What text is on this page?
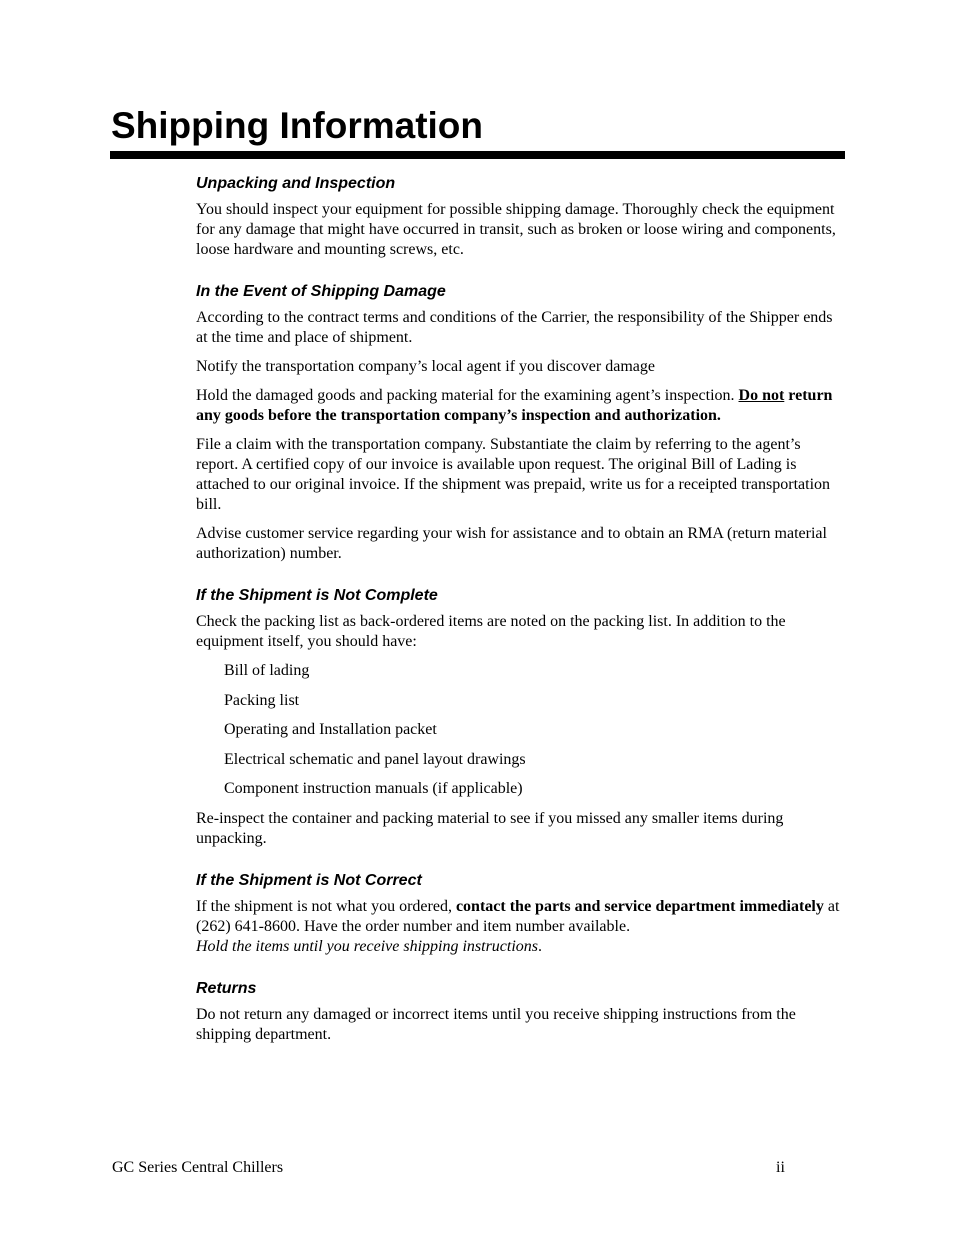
Shipping Information

Unpacking and Inspection

You should inspect your equipment for possible shipping damage. Thoroughly check the equipment for any damage that might have occurred in transit, such as broken or loose wiring and components, loose hardware and mounting screws, etc.

In the Event of Shipping Damage

According to the contract terms and conditions of the Carrier, the responsibility of the Shipper ends at the time and place of shipment.

Notify the transportation company’s local agent if you discover damage

Hold the damaged goods and packing material for the examining agent’s inspection. Do not return any goods before the transportation company’s inspection and authorization.

File a claim with the transportation company. Substantiate the claim by referring to the agent’s report. A certified copy of our invoice is available upon request. The original Bill of Lading is attached to our original invoice. If the shipment was prepaid, write us for a receipted transportation bill.

Advise customer service regarding your wish for assistance and to obtain an RMA (return material authorization) number.

If the Shipment is Not Complete

Check the packing list as back-ordered items are noted on the packing list. In addition to the equipment itself, you should have:

Bill of lading

Packing list

Operating and Installation packet

Electrical schematic and panel layout drawings

Component instruction manuals (if applicable)

Re-inspect the container and packing material to see if you missed any smaller items during unpacking.

If the Shipment is Not Correct

If the shipment is not what you ordered, contact the parts and service department immediately at (262) 641-8600. Have the order number and item number available.
Hold the items until you receive shipping instructions.

Returns

Do not return any damaged or incorrect items until you receive shipping instructions from the shipping department.

GC Series Central Chillers	ii
